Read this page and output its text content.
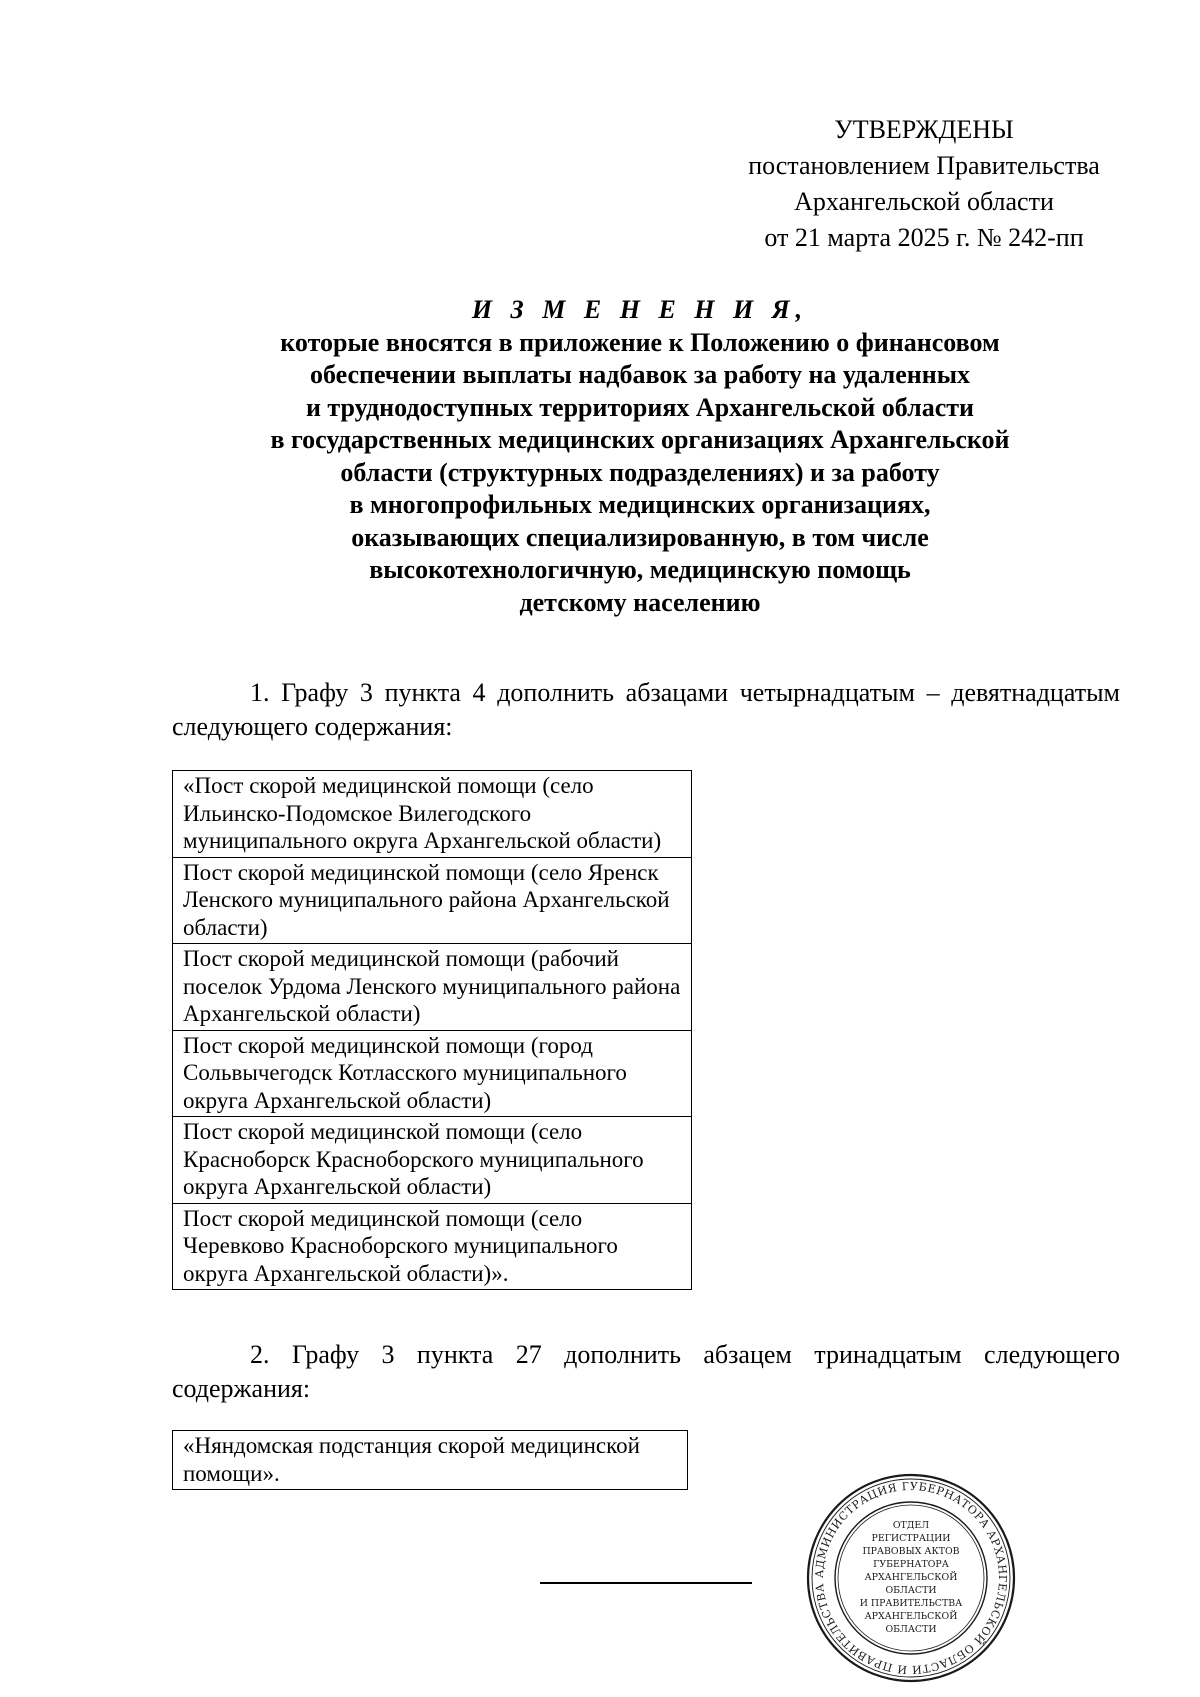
УТВЕРЖДЕНЫ
постановлением Правительства
Архангельской области
от 21 марта 2025 г. № 242-пп
И З М Е Н Е Н И Я,
которые вносятся в приложение к Положению о финансовом
обеспечении выплаты надбавок за работу на удаленных
и труднодоступных территориях Архангельской области
в государственных медицинских организациях Архангельской
области (структурных подразделениях) и за работу
в многопрофильных медицинских организациях,
оказывающих специализированную, в том числе
высокотехнологичную, медицинскую помощь
детскому населению
1. Графу 3 пункта 4 дополнить абзацами четырнадцатым – девятнадцатым
следующего содержания:
«Пост скорой медицинской помощи (село Ильинско-Подомское Вилегодского муниципального округа Архангельской области)
Пост скорой медицинской помощи (село Яренск Ленского муниципального района Архангельской области)
Пост скорой медицинской помощи (рабочий поселок Урдома Ленского муниципального района Архангельской области)
Пост скорой медицинской помощи (город Сольвычегодск Котласского муниципального округа Архангельской области)
Пост скорой медицинской помощи (село Красноборск Красноборского муниципального округа Архангельской области)
Пост скорой медицинской помощи (село Черевково Красноборского муниципального округа Архангельской области)».
2. Графу 3 пункта 27 дополнить абзацем тринадцатым следующего
содержания:
«Няндомская подстанция скорой медицинской помощи».
АДМИНИСТРАЦИЯ ГУБЕРНАТОРА АРХАНГЕЛЬСКОЙ ОБЛАСТИ И ПРАВИТЕЛЬСТВА
ОТДЕЛ
РЕГИСТРАЦИИ
ПРАВОВЫХ АКТОВ
ГУБЕРНАТОРА
АРХАНГЕЛЬСКОЙ
ОБЛАСТИ
И ПРАВИТЕЛЬСТВА
АРХАНГЕЛЬСКОЙ
ОБЛАСТИ
